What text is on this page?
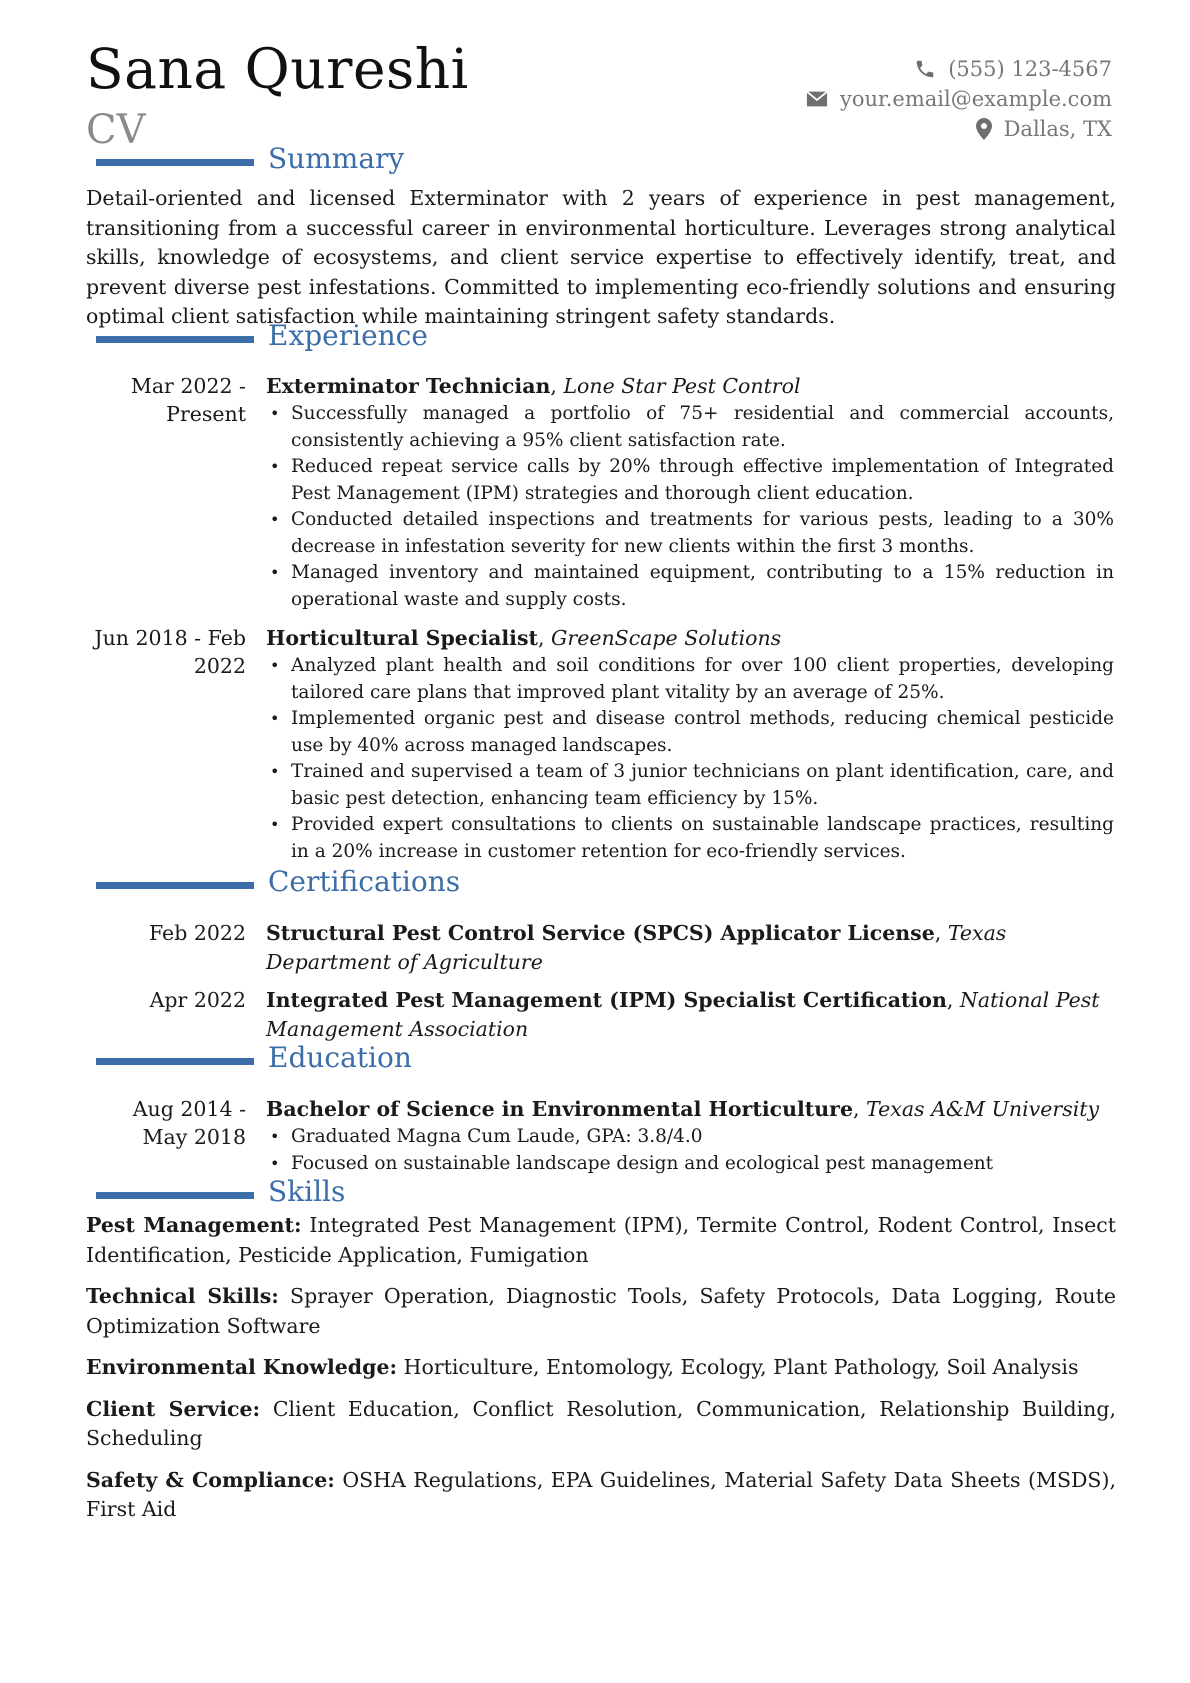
Sana Qureshi
CV
(555) 123-4567
your.email@example.com
Dallas, TX
Summary
Detail-oriented and licensed Exterminator with 2 years of experience in pest management, transitioning from a successful career in environmental horticulture. Leverages strong analytical skills, knowledge of ecosystems, and client service expertise to effectively identify, treat, and prevent diverse pest infestations. Committed to implementing eco-friendly solutions and ensuring optimal client satisfaction while maintaining stringent safety standards.
Experience
Mar 2022 -
Present
Exterminator Technician, Lone Star Pest Control
• Successfully managed a portfolio of 75+ residential and commercial accounts, consistently achieving a 95% client satisfaction rate.
• Reduced repeat service calls by 20% through effective implementation of Integrated Pest Management (IPM) strategies and thorough client education.
• Conducted detailed inspections and treatments for various pests, leading to a 30% decrease in infestation severity for new clients within the first 3 months.
• Managed inventory and maintained equipment, contributing to a 15% reduction in operational waste and supply costs.
Jun 2018 - Feb
2022
Horticultural Specialist, GreenScape Solutions
• Analyzed plant health and soil conditions for over 100 client properties, developing tailored care plans that improved plant vitality by an average of 25%.
• Implemented organic pest and disease control methods, reducing chemical pesticide use by 40% across managed landscapes.
• Trained and supervised a team of 3 junior technicians on plant identification, care, and basic pest detection, enhancing team efficiency by 15%.
• Provided expert consultations to clients on sustainable landscape practices, resulting in a 20% increase in customer retention for eco-friendly services.
Certifications
Feb 2022 Structural Pest Control Service (SPCS) Applicator License, Texas Department of Agriculture
Apr 2022 Integrated Pest Management (IPM) Specialist Certification, National Pest Management Association
Education
Aug 2014 -
May 2018
Bachelor of Science in Environmental Horticulture, Texas A&M University
• Graduated Magna Cum Laude, GPA: 3.8/4.0
• Focused on sustainable landscape design and ecological pest management
Skills
Pest Management: Integrated Pest Management (IPM), Termite Control, Rodent Control, Insect Identification, Pesticide Application, Fumigation
Technical Skills: Sprayer Operation, Diagnostic Tools, Safety Protocols, Data Logging, Route Optimization Software
Environmental Knowledge: Horticulture, Entomology, Ecology, Plant Pathology, Soil Analysis
Client Service: Client Education, Conflict Resolution, Communication, Relationship Building, Scheduling
Safety & Compliance: OSHA Regulations, EPA Guidelines, Material Safety Data Sheets (MSDS), First Aid
